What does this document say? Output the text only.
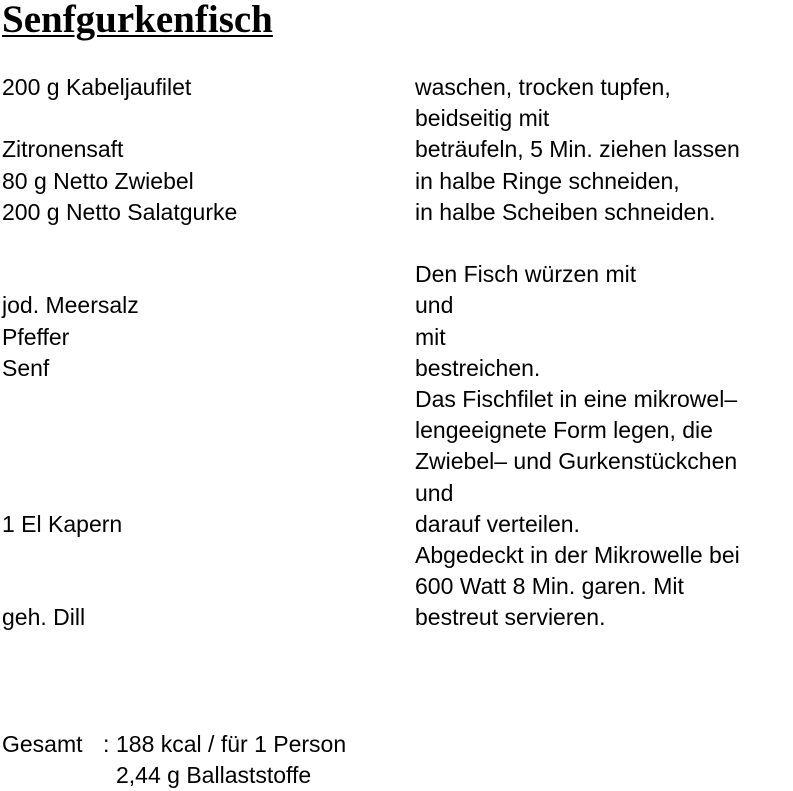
Senfgurkenfisch
200 g Kabeljaufilet	waschen, trocken tupfen,
beidseitig mit
Zitronensaft	beträufeln, 5 Min. ziehen lassen
80 g Netto Zwiebel	in halbe Ringe schneiden,
200 g Netto Salatgurke	in halbe Scheiben schneiden.
Den Fisch würzen mit
jod. Meersalz	und
Pfeffer	mit
Senf	bestreichen.
Das Fischfilet in eine mikrowel–
lengeeignete Form legen, die
Zwiebel– und Gurkenstückchen
und
1 El Kapern	darauf verteilen.
Abgedeckt in der Mikrowelle bei
600 Watt 8 Min. garen. Mit
geh. Dill	bestreut servieren.
Gesamt : 188 kcal / für 1 Person
2,44 g Ballaststoffe
